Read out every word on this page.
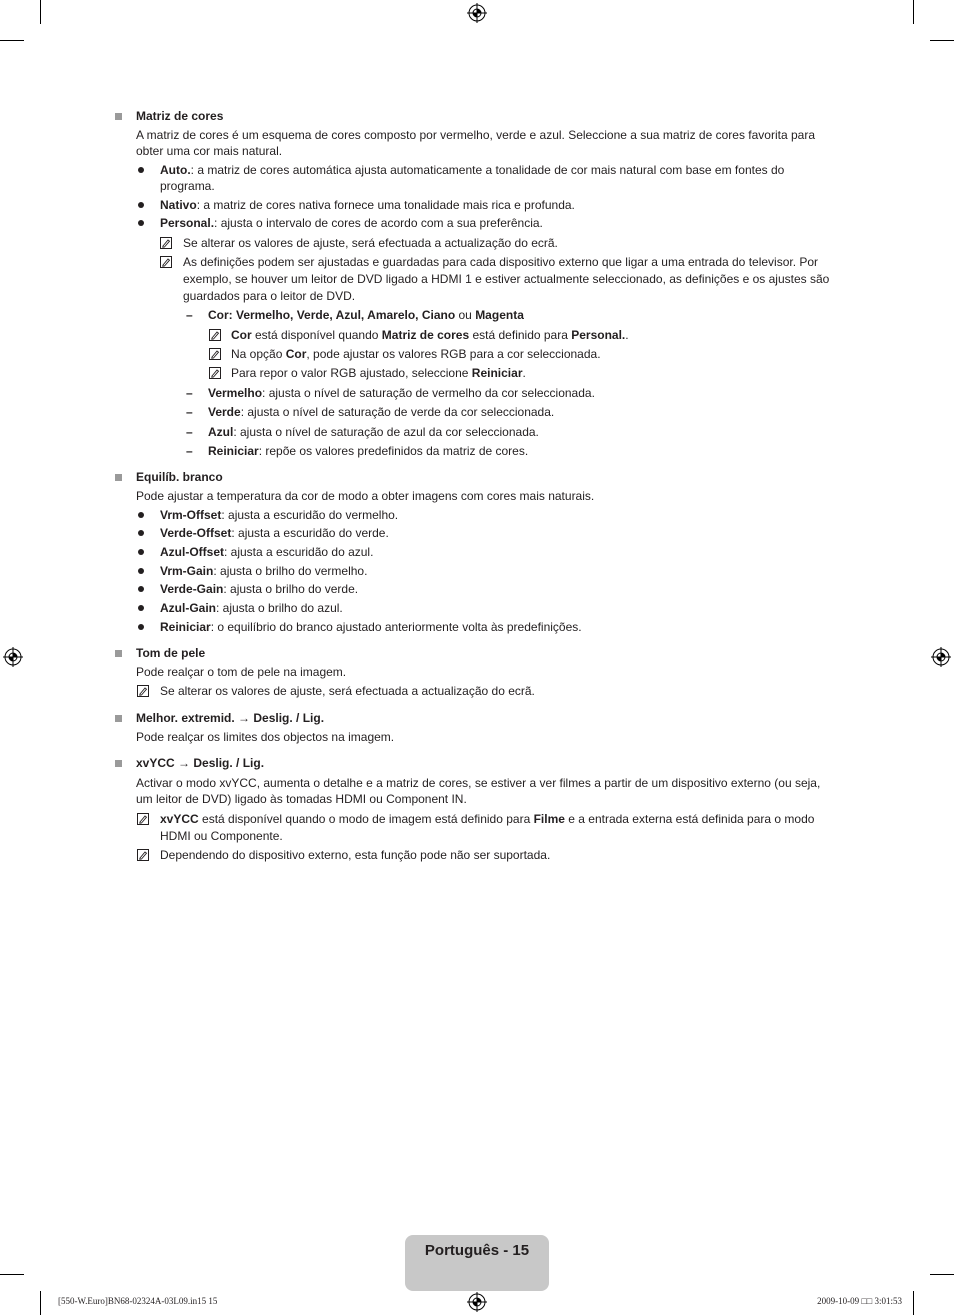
Matriz de cores
A matriz de cores é um esquema de cores composto por vermelho, verde e azul. Seleccione a sua matriz de cores favorita para
obter uma cor mais natural.
Auto.: a matriz de cores automática ajusta automaticamente a tonalidade de cor mais natural com base em fontes do
programa.
Nativo: a matriz de cores nativa fornece uma tonalidade mais rica e profunda.
Personal.: ajusta o intervalo de cores de acordo com a sua preferência.
Se alterar os valores de ajuste, será efectuada a actualização do ecrã.
As definições podem ser ajustadas e guardadas para cada dispositivo externo que ligar a uma entrada do televisor. Por
exemplo, se houver um leitor de DVD ligado a HDMI 1 e estiver actualmente seleccionado, as definições e os ajustes são
guardados para o leitor de DVD.
– Cor: Vermelho, Verde, Azul, Amarelo, Ciano ou Magenta
Cor está disponível quando Matriz de cores está definido para Personal..
Na opção Cor, pode ajustar os valores RGB para a cor seleccionada.
Para repor o valor RGB ajustado, seleccione Reiniciar.
– Vermelho: ajusta o nível de saturação de vermelho da cor seleccionada.
– Verde: ajusta o nível de saturação de verde da cor seleccionada.
– Azul: ajusta o nível de saturação de azul da cor seleccionada.
– Reiniciar: repõe os valores predefinidos da matriz de cores.
Equilíb. branco
Pode ajustar a temperatura da cor de modo a obter imagens com cores mais naturais.
Vrm-Offset: ajusta a escuridão do vermelho.
Verde-Offset: ajusta a escuridão do verde.
Azul-Offset: ajusta a escuridão do azul.
Vrm-Gain: ajusta o brilho do vermelho.
Verde-Gain: ajusta o brilho do verde.
Azul-Gain: ajusta o brilho do azul.
Reiniciar: o equilíbrio do branco ajustado anteriormente volta às predefinições.
Tom de pele
Pode realçar o tom de pele na imagem.
Se alterar os valores de ajuste, será efectuada a actualização do ecrã.
Melhor. extremid. → Deslig. / Lig.
Pode realçar os limites dos objectos na imagem.
xvYCC → Deslig. / Lig.
Activar o modo xvYCC, aumenta o detalhe e a matriz de cores, se estiver a ver filmes a partir de um dispositivo externo (ou seja,
um leitor de DVD) ligado às tomadas HDMI ou Component IN.
xvYCC está disponível quando o modo de imagem está definido para Filme e a entrada externa está definida para o modo
HDMI ou Componente.
Dependendo do dispositivo externo, esta função pode não ser suportada.
Português - 15
[550-W.Euro]BN68-02324A-03L09.in15 15	2009-10-09 □□ 3:01:53
